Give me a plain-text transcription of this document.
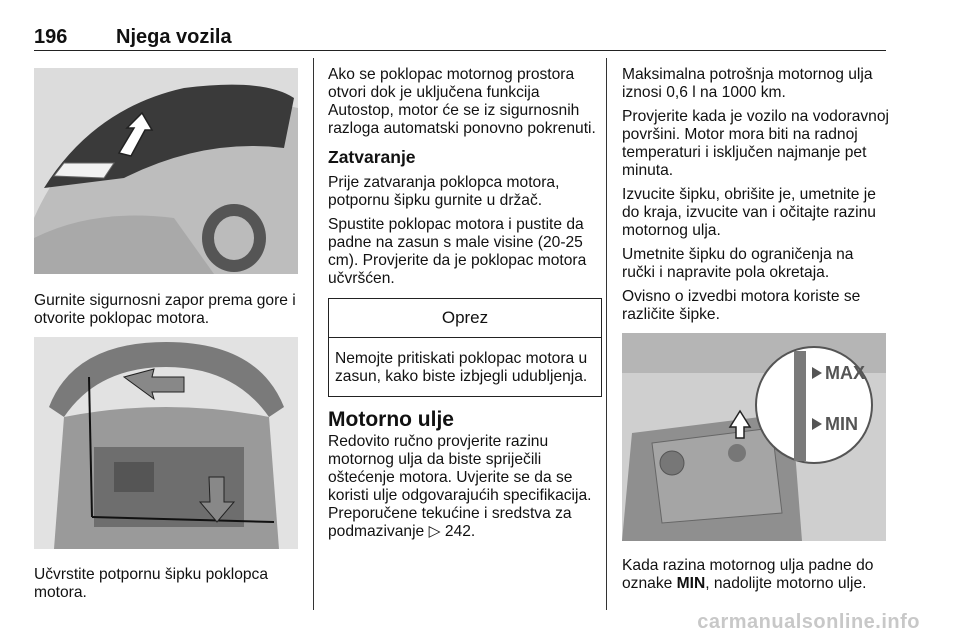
196 Njega vozila

Gurnite sigurnosni zapor prema gore i otvorite poklopac motora.

Učvrstite potpornu šipku poklopca motora.

Ako se poklopac motornog prostora otvori dok je uključena funkcija Autostop, motor će se iz sigurnosnih razloga automatski ponovno pokrenuti.

Zatvaranje

Prije zatvaranja poklopca motora, potpornu šipku gurnite u držač.

Spustite poklopac motora i pustite da padne na zasun s male visine (20-25 cm). Provjerite da je poklopac motora učvršćen.

Oprez
Nemojte pritiskati poklopac motora u zasun, kako biste izbjegli udubljenja.
Motorno ulje

Redovito ručno provjerite razinu motornog ulja da biste spriječili oštećenje motora. Uvjerite se da se koristi ulje odgovarajućih specifikacija. Preporučene tekućine i sredstva za podmazivanje ▷ 242.

Maksimalna potrošnja motornog ulja iznosi 0,6 l na 1000 km.

Provjerite kada je vozilo na vodoravnoj površini. Motor mora biti na radnoj temperaturi i isključen najmanje pet minuta.

Izvucite šipku, obrišite je, umetnite je do kraja, izvucite van i očitajte razinu motornog ulja.

Umetnite šipku do ograničenja na ručki i napravite pola okretaja.

Ovisno o izvedbi motora koriste se različite šipke.

MAX
MIN

Kada razina motornog ulja padne do oznake MIN, nadolijte motorno ulje.

carmanualsonline.info
